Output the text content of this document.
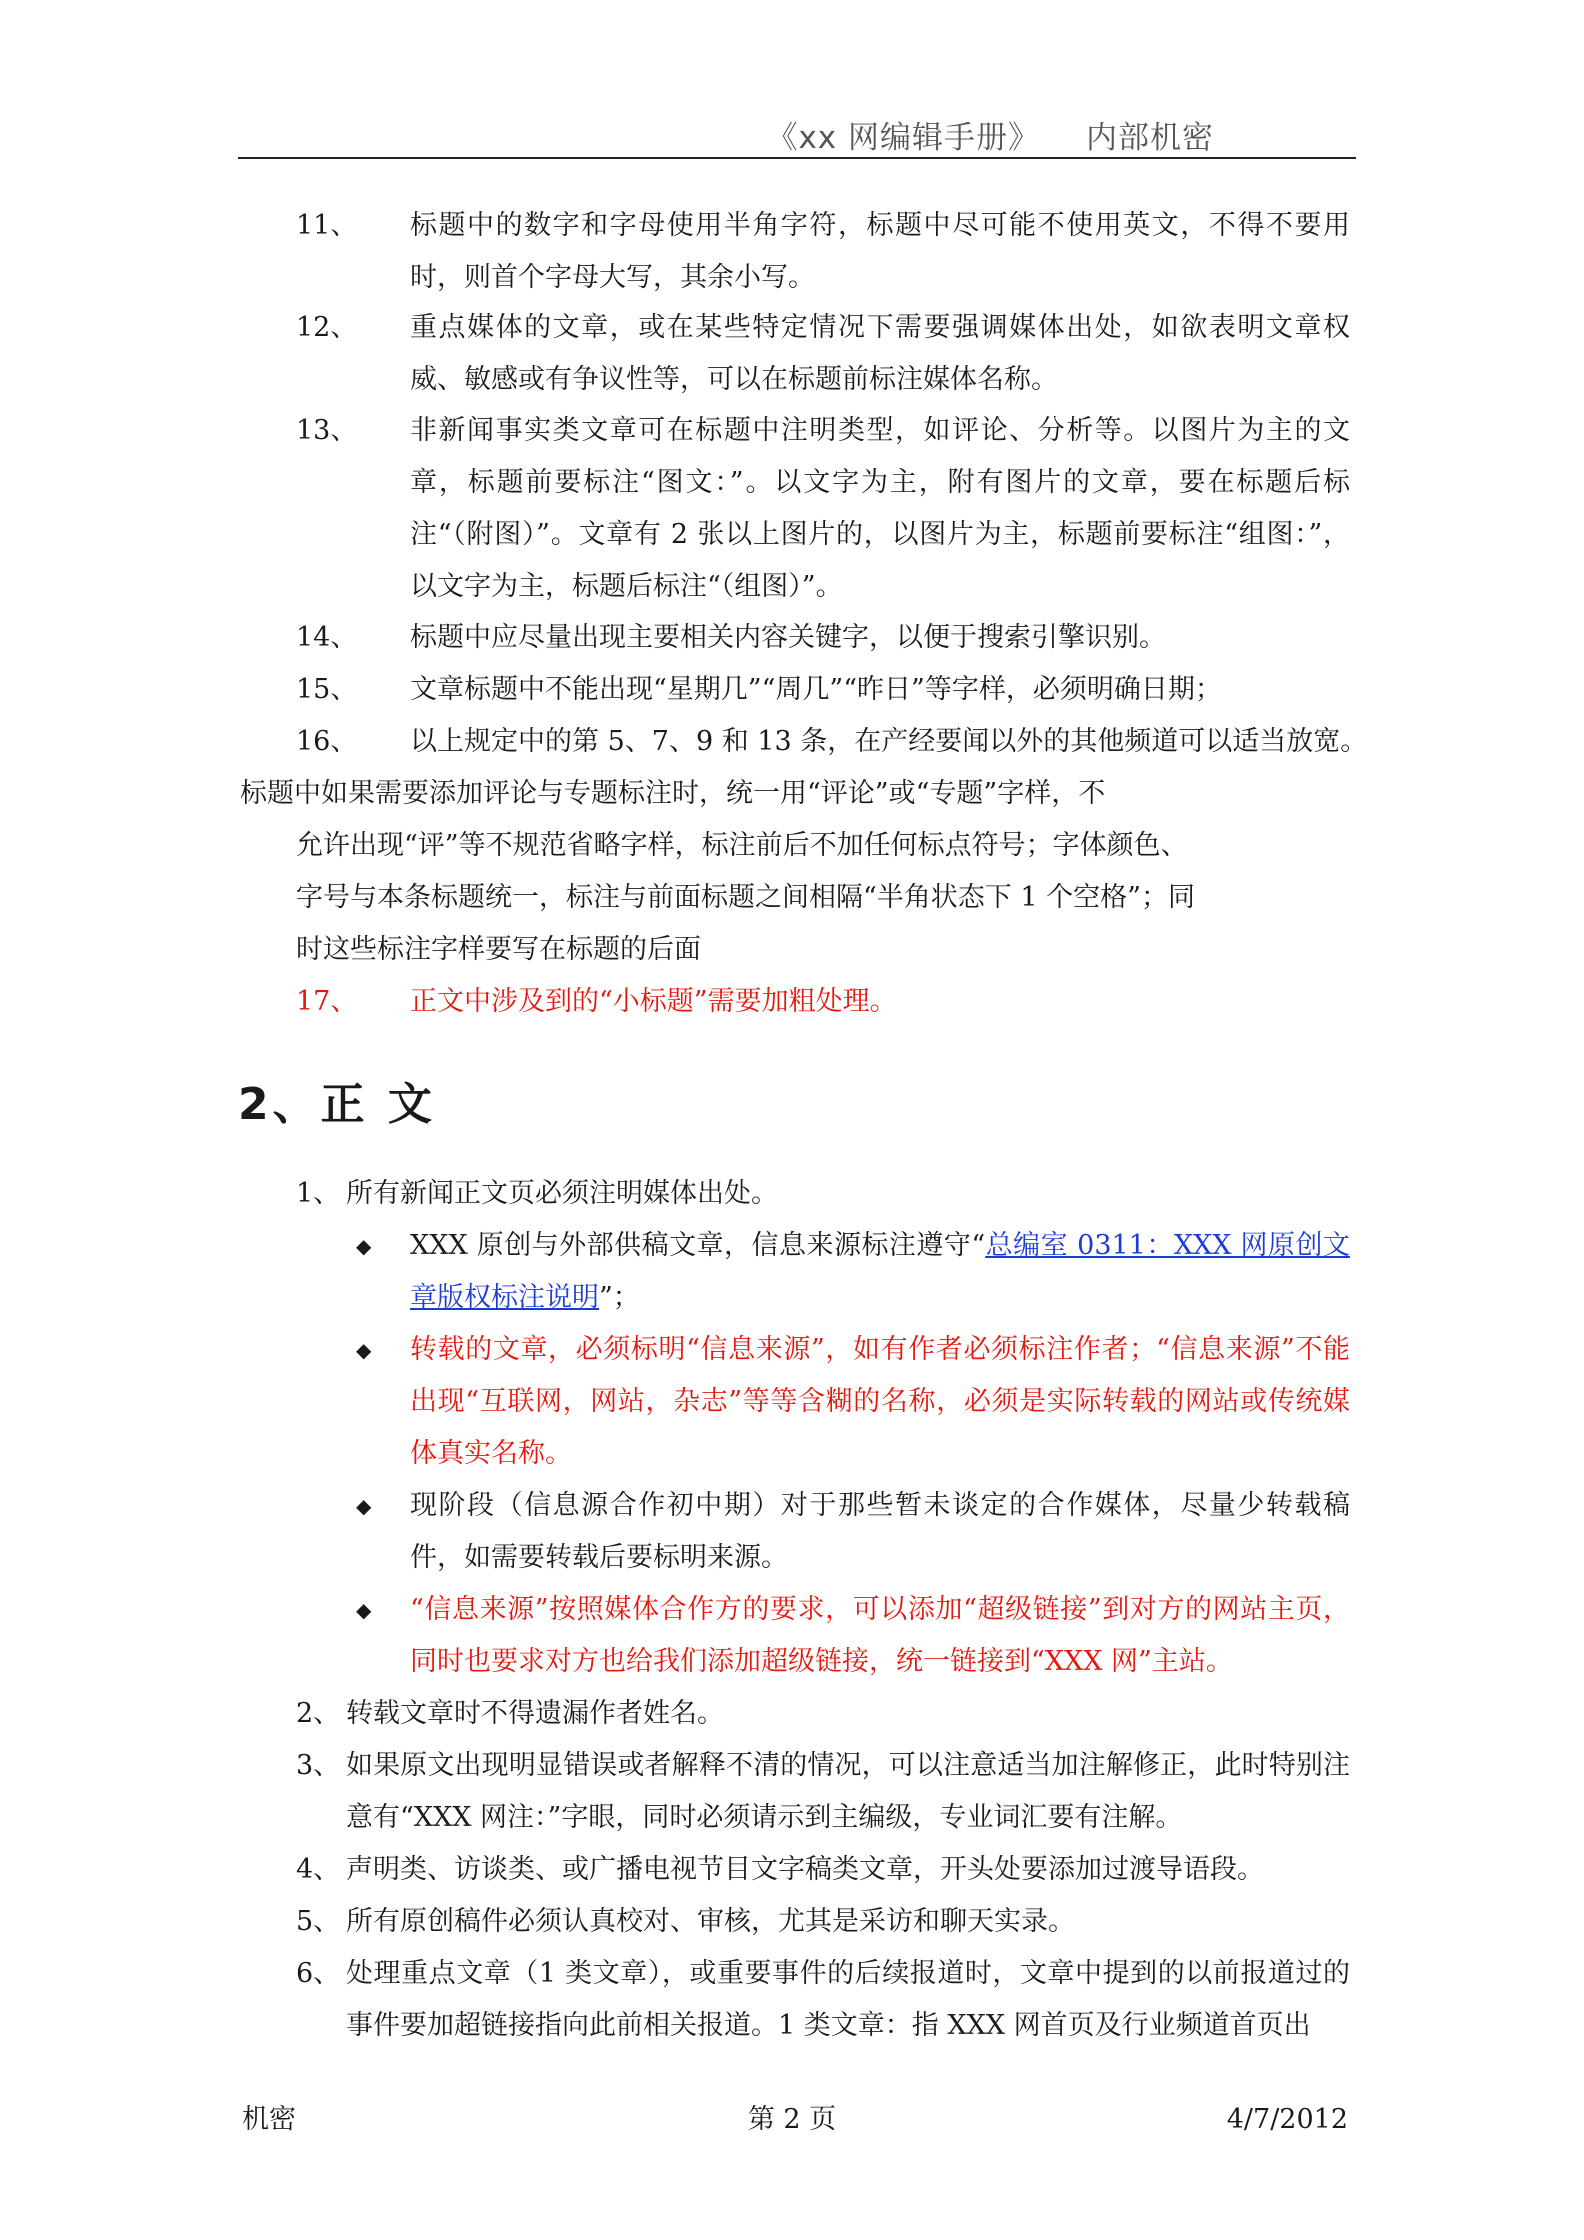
《xx 网编辑手册》 内部机密
11、 标题中的数字和字母使用半角字符，标题中尽可能不使用英文，不得不要用时，则首个字母大写，其余小写。
12、 重点媒体的文章，或在某些特定情况下需要强调媒体出处，如欲表明文章权威、敏感或有争议性等，可以在标题前标注媒体名称。
13、 非新闻事实类文章可在标题中注明类型，如评论、分析等。以图片为主的文章，标题前要标注“图文：”。以文字为主，附有图片的文章，要在标题后标注“（附图）”。文章有 2 张以上图片的，以图片为主，标题前要标注“组图：”，以文字为主，标题后标注“（组图）”。
14、 标题中应尽量出现主要相关内容关键字，以便于搜索引擎识别。
15、 文章标题中不能出现“星期几”“周几”“昨日”等字样，必须明确日期；
16、 以上规定中的第 5、7、9 和 13 条，在产经要闻以外的其他频道可以适当放宽。
标题中如果需要添加评论与专题标注时，统一用“评论”或“专题”字样，不
允许出现“评”等不规范省略字样，标注前后不加任何标点符号；字体颜色、
字号与本条标题统一，标注与前面标题之间相隔“半角状态下 1 个空格”；同
时这些标注字样要写在标题的后面
17、 正文中涉及到的“小标题”需要加粗处理。
2、正 文
1、 所有新闻正文页必须注明媒体出处。
◆ XXX 原创与外部供稿文章，信息来源标注遵守“总编室 0311：XXX 网原创文章版权标注说明”；
◆ 转载的文章，必须标明“信息来源”，如有作者必须标注作者；“信息来源”不能出现“互联网，网站，杂志”等等含糊的名称，必须是实际转载的网站或传统媒体真实名称。
◆ 现阶段（信息源合作初中期）对于那些暂未谈定的合作媒体，尽量少转载稿件，如需要转载后要标明来源。
◆ “信息来源”按照媒体合作方的要求，可以添加“超级链接”到对方的网站主页，同时也要求对方也给我们添加超级链接，统一链接到“XXX 网”主站。
2、 转载文章时不得遗漏作者姓名。
3、 如果原文出现明显错误或者解释不清的情况，可以注意适当加注解修正，此时特别注意有“XXX 网注：”字眼，同时必须请示到主编级，专业词汇要有注解。
4、 声明类、访谈类、或广播电视节目文字稿类文章，开头处要添加过渡导语段。
5、 所有原创稿件必须认真校对、审核，尤其是采访和聊天实录。
6、 处理重点文章（1 类文章），或重要事件的后续报道时，文章中提到的以前报道过的事件要加超链接指向此前相关报道。1 类文章：指 XXX 网首页及行业频道首页出
机密	第 2 页	4/7/2012
